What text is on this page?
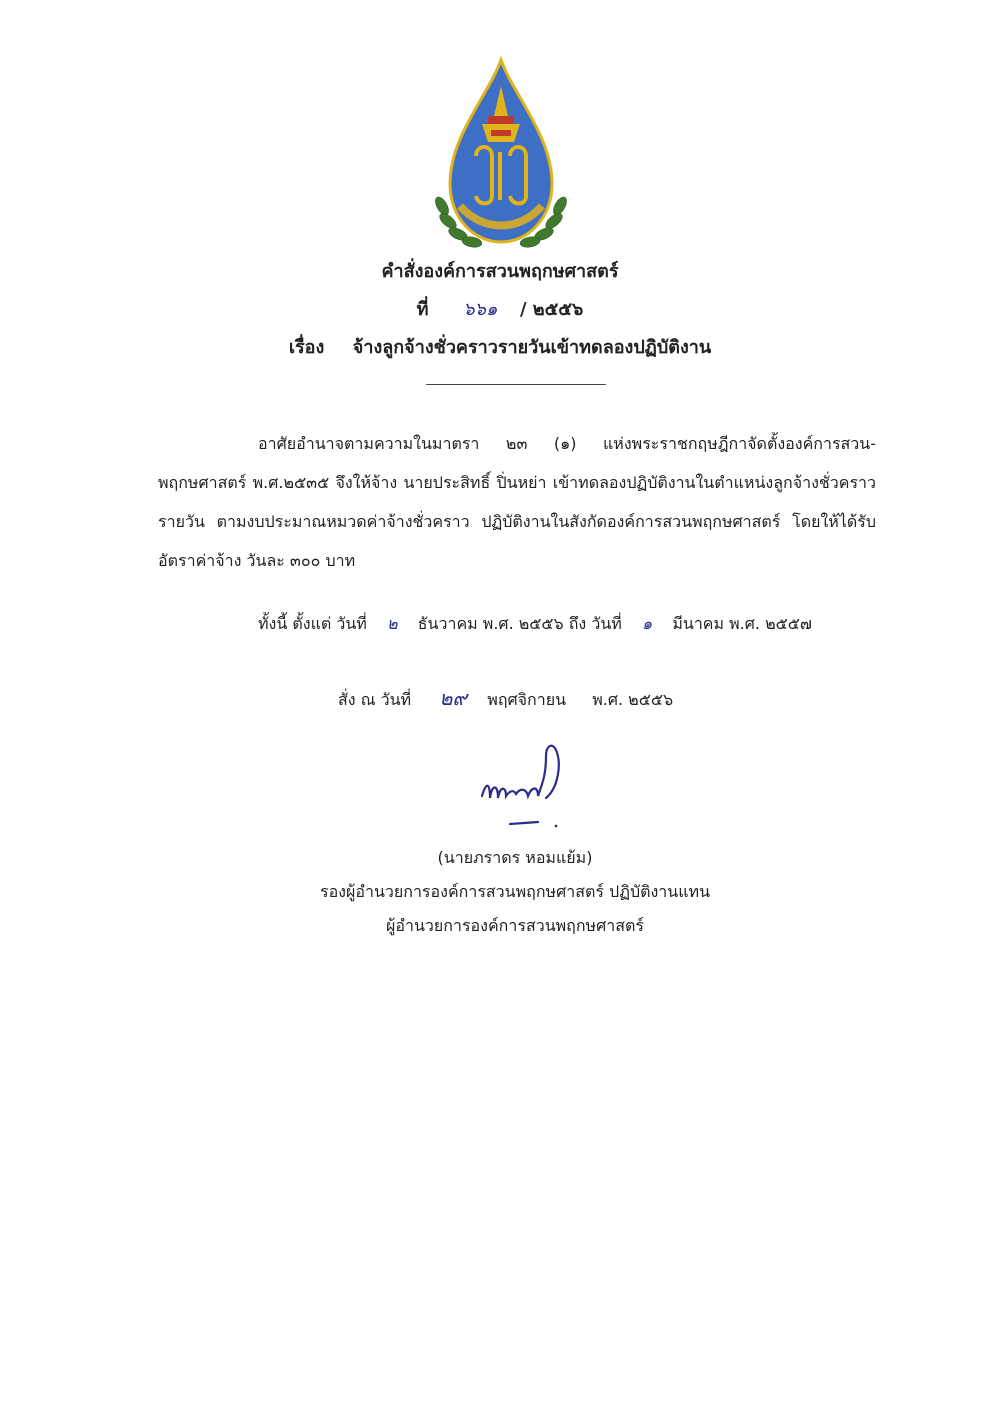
คำสั่งองค์การสวนพฤกษศาสตร์
ที่ ๖๖๑ / ๒๕๕๖
เรื่อง จ้างลูกจ้างชั่วคราวรายวันเข้าทดลองปฏิบัติงาน
อาศัยอำนาจตามความในมาตรา ๒๓ (๑) แห่งพระราชกฤษฎีกาจัดตั้งองค์การสวน-พฤกษศาสตร์ พ.ศ.๒๕๓๕ จึงให้จ้าง นายประสิทธิ์ ปิ่นหย่า เข้าทดลองปฏิบัติงานในตำแหน่งลูกจ้างชั่วคราวรายวัน ตามงบประมาณหมวดค่าจ้างชั่วคราว ปฏิบัติงานในสังกัดองค์การสวนพฤกษศาสตร์ โดยให้ได้รับอัตราค่าจ้าง วันละ ๓๐๐ บาท
ทั้งนี้ ตั้งแต่ วันที่ ๒ ธันวาคม พ.ศ. ๒๕๕๖ ถึง วันที่ ๑ มีนาคม พ.ศ. ๒๕๕๗
สั่ง ณ วันที่ ๒๙ พฤศจิกายน พ.ศ. ๒๕๕๖
(นายภราดร หอมแย้ม)
รองผู้อำนวยการองค์การสวนพฤกษศาสตร์ ปฏิบัติงานแทน
ผู้อำนวยการองค์การสวนพฤกษศาสตร์
